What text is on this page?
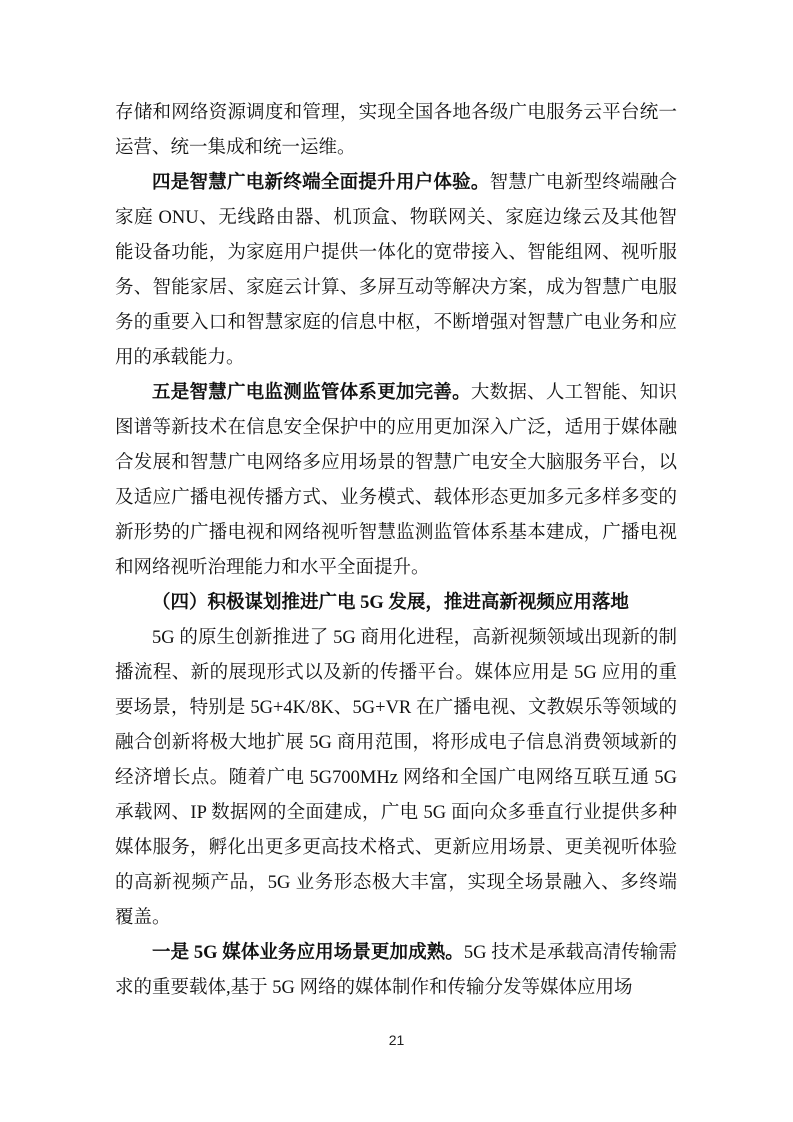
存储和网络资源调度和管理，实现全国各地各级广电服务云平台统一运营、统一集成和统一运维。

四是智慧广电新终端全面提升用户体验。智慧广电新型终端融合家庭 ONU、无线路由器、机顶盒、物联网关、家庭边缘云及其他智能设备功能，为家庭用户提供一体化的宽带接入、智能组网、视听服务、智能家居、家庭云计算、多屏互动等解决方案，成为智慧广电服务的重要入口和智慧家庭的信息中枢，不断增强对智慧广电业务和应用的承载能力。

五是智慧广电监测监管体系更加完善。大数据、人工智能、知识图谱等新技术在信息安全保护中的应用更加深入广泛，适用于媒体融合发展和智慧广电网络多应用场景的智慧广电安全大脑服务平台，以及适应广播电视传播方式、业务模式、载体形态更加多元多样多变的新形势的广播电视和网络视听智慧监测监管体系基本建成，广播电视和网络视听治理能力和水平全面提升。

（四）积极谋划推进广电 5G 发展，推进高新视频应用落地

5G 的原生创新推进了 5G 商用化进程，高新视频领域出现新的制播流程、新的展现形式以及新的传播平台。媒体应用是 5G 应用的重要场景，特别是 5G+4K/8K、5G+VR 在广播电视、文教娱乐等领域的融合创新将极大地扩展 5G 商用范围，将形成电子信息消费领域新的经济增长点。随着广电 5G700MHz 网络和全国广电网络互联互通 5G 承载网、IP 数据网的全面建成，广电 5G 面向众多垂直行业提供多种媒体服务，孵化出更多更高技术格式、更新应用场景、更美视听体验的高新视频产品，5G 业务形态极大丰富，实现全场景融入、多终端覆盖。

一是 5G 媒体业务应用场景更加成熟。5G 技术是承载高清传输需求的重要载体,基于 5G 网络的媒体制作和传输分发等媒体应用场

21
